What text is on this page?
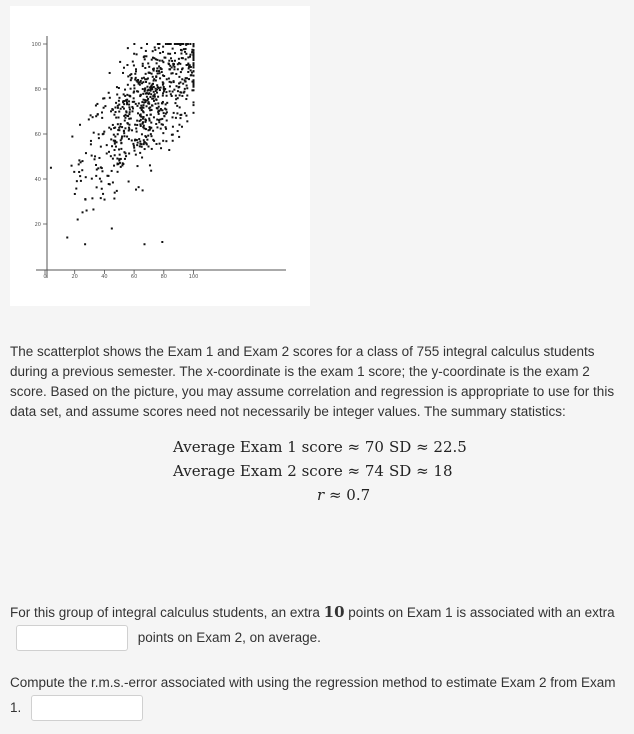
0	20	40	60	80	100
20
40
60
80
100

The scatterplot shows the Exam 1 and Exam 2 scores for a class of 755 integral calculus students during a previous semester. The x-coordinate is the exam 1 score; the y-coordinate is the exam 2 score. Based on the picture, you may assume correlation and regression is appropriate to use for this data set, and assume scores need not necessarily be integer values. The summary statistics:

Average Exam 1 score ≈ 70 SD ≈ 22.5
Average Exam 2 score ≈ 74 SD ≈ 18
r ≈ 0.7
For this group of integral calculus students, an extra 10 points on Exam 1 is associated with an extra  points on Exam 2, on average.
Compute the r.m.s.-error associated with using the regression method to estimate Exam 2 from Exam 1.
